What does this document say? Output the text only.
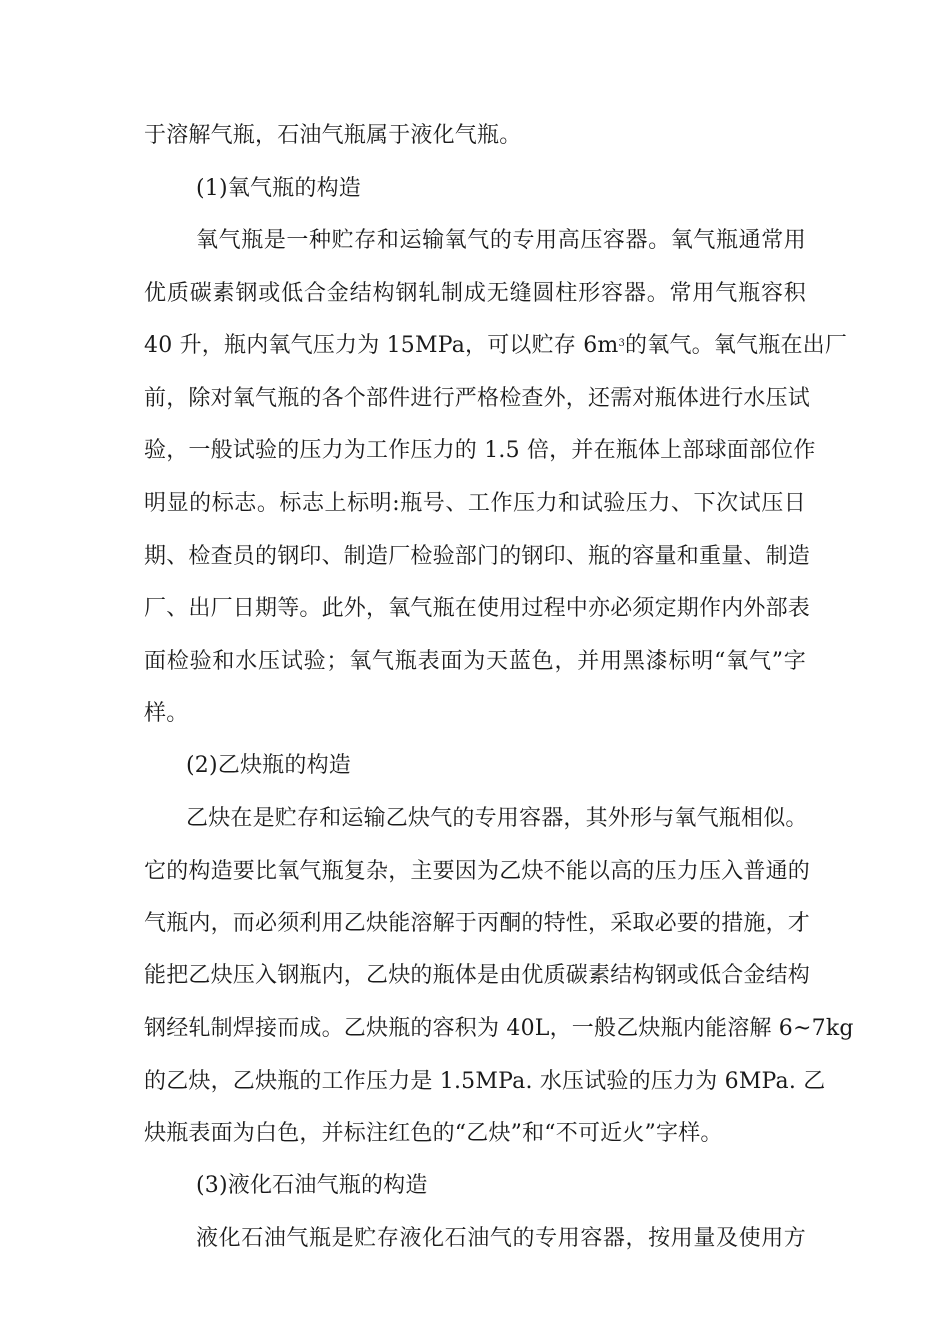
于溶解气瓶，石油气瓶属于液化气瓶。
(1)氧气瓶的构造
氧气瓶是一种贮存和运输氧气的专用高压容器。氧气瓶通常用
优质碳素钢或低合金结构钢轧制成无缝圆柱形容器。常用气瓶容积
40 升，瓶内氧气压力为 15MPa，可以贮存 $6m^3$的氧气。氧气瓶在出厂
前，除对氧气瓶的各个部件进行严格检查外，还需对瓶体进行水压试
验，一般试验的压力为工作压力的 1.5 倍，并在瓶体上部球面部位作
明显的标志。标志上标明:瓶号、工作压力和试验压力、下次试压日
期、检查员的钢印、制造厂检验部门的钢印、瓶的容量和重量、制造
厂、出厂日期等。此外，氧气瓶在使用过程中亦必须定期作内外部表
面检验和水压试验；氧气瓶表面为天蓝色，并用黑漆标明“氧气”字
样。
(2)乙炔瓶的构造
乙炔在是贮存和运输乙炔气的专用容器，其外形与氧气瓶相似。
它的构造要比氧气瓶复杂，主要因为乙炔不能以高的压力压入普通的
气瓶内，而必须利用乙炔能溶解于丙酮的特性，采取必要的措施，才
能把乙炔压入钢瓶内，乙炔的瓶体是由优质碳素结构钢或低合金结构
钢经轧制焊接而成。乙炔瓶的容积为 40L，一般乙炔瓶内能溶解 6~7kg
的乙炔，乙炔瓶的工作压力是 1.5MPa. 水压试验的压力为 6MPa. 乙
炔瓶表面为白色，并标注红色的“乙炔”和“不可近火”字样。
(3)液化石油气瓶的构造
液化石油气瓶是贮存液化石油气的专用容器，按用量及使用方
